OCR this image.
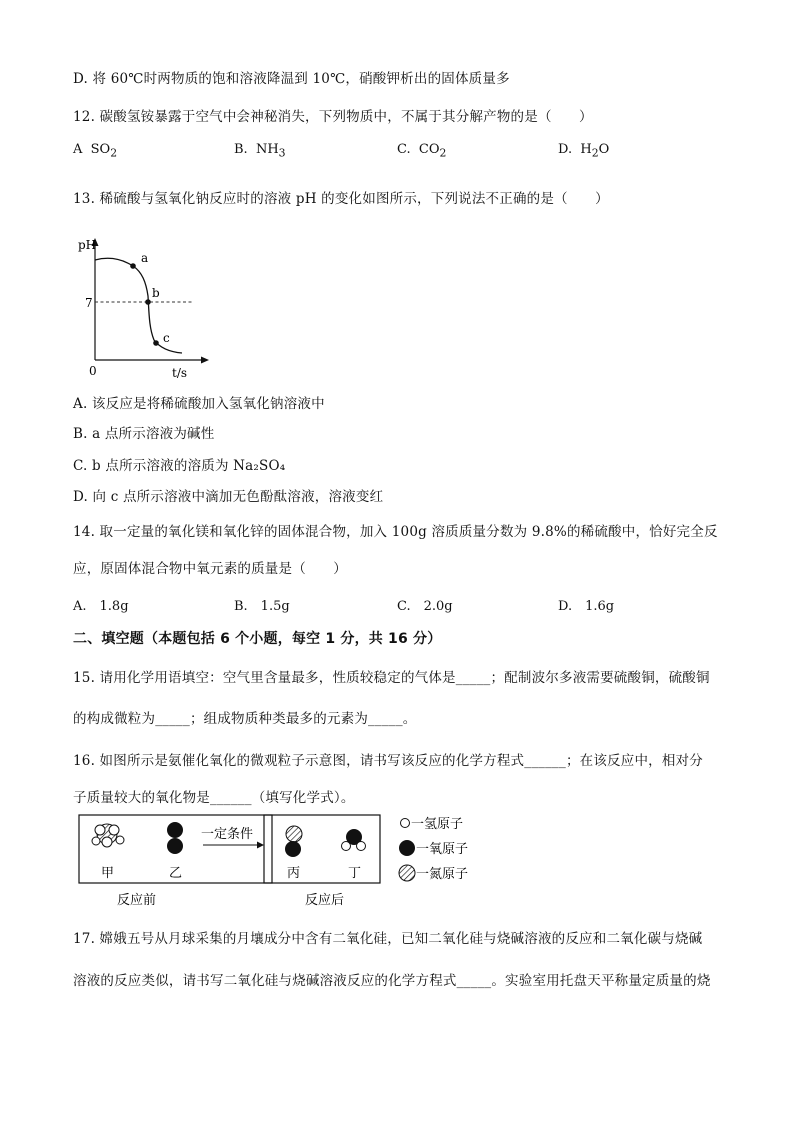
D. 将 60℃时两物质的饱和溶液降温到 10℃，硝酸钾析出的固体质量多
12. 碳酸氢铵暴露于空气中会神秘消失，下列物质中，不属于其分解产物的是（　　）
A $SO_2$	B. $NH_3$	C. $CO_2$	D. $H_2O$
13. 稀硫酸与氢氧化钠反应时的溶液 pH 的变化如图所示，下列说法不正确的是（　　）
pH
t/s
0
7
a
b
c
A. 该反应是将稀硫酸加入氢氧化钠溶液中
B. a 点所示溶液为碱性
C. b 点所示溶液的溶质为 Na₂SO₄
D. 向 c 点所示溶液中滴加无色酚酞溶液，溶液变红
14. 取一定量的氧化镁和氧化锌的固体混合物，加入 100g 溶质质量分数为 9.8%的稀硫酸中，恰好完全反
应，原固体混合物中氧元素的质量是（　　）
A.　1.8g	B.　1.5g	C.　2.0g	D.　1.6g
二、填空题（本题包括 6 个小题，每空 1 分，共 16 分）
15. 请用化学用语填空：空气里含量最多，性质较稳定的气体是_____；配制波尔多液需要硫酸铜，硫酸铜
的构成微粒为_____；组成物质种类最多的元素为_____。
16. 如图所示是氨催化氧化的微观粒子示意图，请书写该反应的化学方程式______；在该反应中，相对分
子质量较大的氧化物是______（填写化学式）。
甲	乙
一定条件
丙	丁
反应前	反应后
一氢原子
一氧原子
一氮原子
17. 嫦娥五号从月球采集的月壤成分中含有二氧化硅，已知二氧化硅与烧碱溶液的反应和二氧化碳与烧碱
溶液的反应类似，请书写二氧化硅与烧碱溶液反应的化学方程式_____。实验室用托盘天平称量定质量的烧
